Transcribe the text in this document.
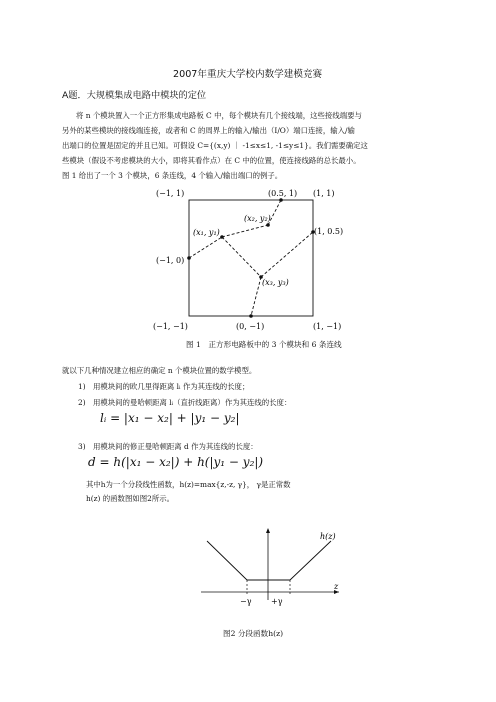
2007年重庆大学校内数学建模竞赛
A题．大规模集成电路中模块的定位
将 n 个模块置入一个正方形集成电路板 C 中，每个模块有几个接线端，这些接线端要与
另外的某些模块的接线端连接，或者和 C 的周界上的输入/输出（I/O）端口连接，输入/输
出端口的位置是固定的并且已知。可假设 C={(x,y) ｜ -1≤x≤1, -1≤y≤1}。我们需要确定这
些模块（假设不考虑模块的大小，即将其看作点）在 C 中的位置，使连接线路的总长最小。
图 1 给出了一个 3 个模块，6 条连线，4 个输入/输出端口的例子。
(−1, 1)	(0.5, 1) (1, 1)
(x₂, y₂)
(x₁, y₁)	(1, 0.5)
(−1, 0)
(x₃, y₃)
(−1, −1)	(0, −1)	(1, −1)
图 1　正方形电路板中的 3 个模块和 6 条连线
就以下几种情况建立相应的确定 n 个模块位置的数学模型。
1)　用模块间的欧几里得距离 lᵢ 作为其连线的长度；
2)　用模块间的曼哈顿距离 lᵢ（直折线距离）作为其连线的长度：
lᵢ = |x₁ − x₂| + |y₁ − y₂|
3)　用模块间的修正曼哈顿距离 d 作为其连线的长度：
d = h(|x₁ − x₂|) + h(|y₁ − y₂|)
其中h为一个分段线性函数，h(z)=max{z,-z, γ}， γ是正常数
h(z) 的函数图如图2所示。
h(z)
z
−γ +γ
图2 分段函数h(z)
